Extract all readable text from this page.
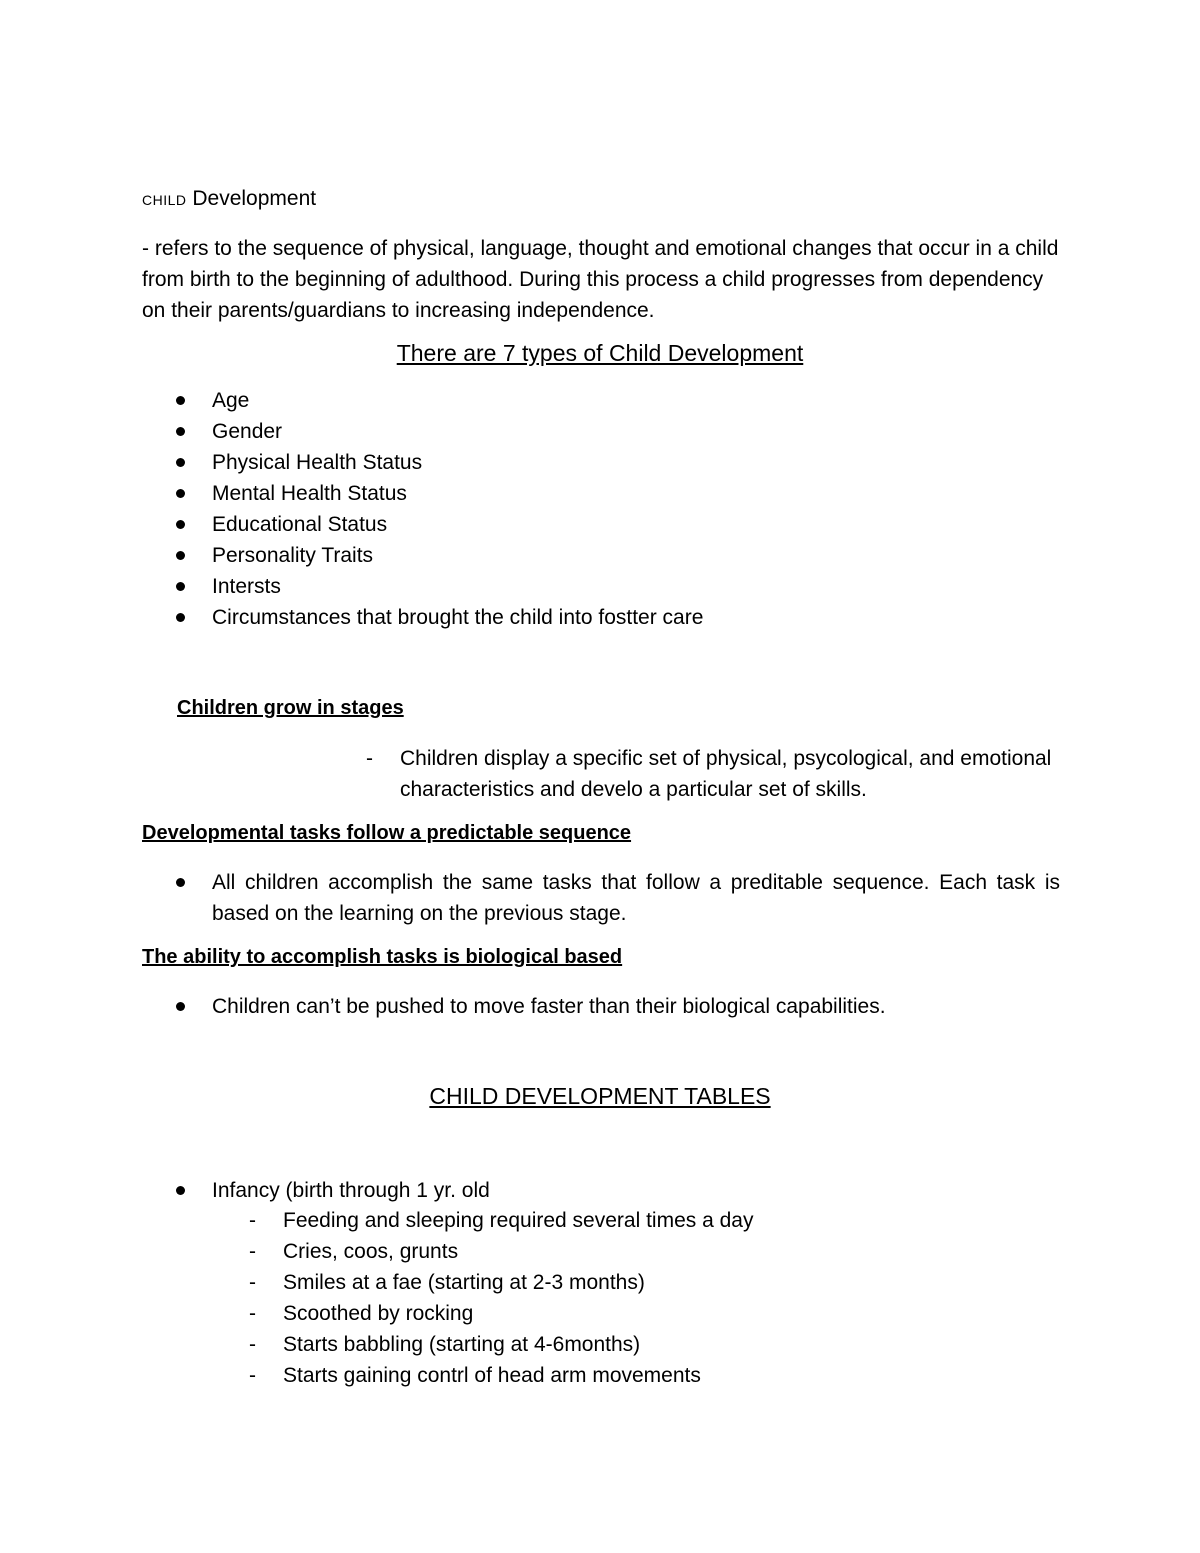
CHILD Development
- refers to the sequence of physical, language, thought and emotional changes that occur in a child from birth to the beginning of adulthood. During this process a child progresses from dependency on their parents/guardians to increasing independence.
There are 7 types of Child Development
Age
Gender
Physical Health Status
Mental Health Status
Educational Status
Personality Traits
Intersts
Circumstances that brought the child into fostter care
Children grow in stages
- Children display a specific set of physical, psycological, and emotional characteristics and develo a particular set of skills.
Developmental tasks follow a predictable sequence
All children accomplish the same tasks that follow a preditable sequence. Each task is based on the learning on the previous stage.
The ability to accomplish tasks is biological based
Children can’t be pushed to move faster than their biological capabilities.
CHILD DEVELOPMENT TABLES
Infancy (birth through 1 yr. old
- Feeding and sleeping required several times a day
- Cries, coos, grunts
- Smiles at a fae (starting at 2-3 months)
- Scoothed by rocking
- Starts babbling (starting at 4-6months)
- Starts gaining contrl of head arm movements
